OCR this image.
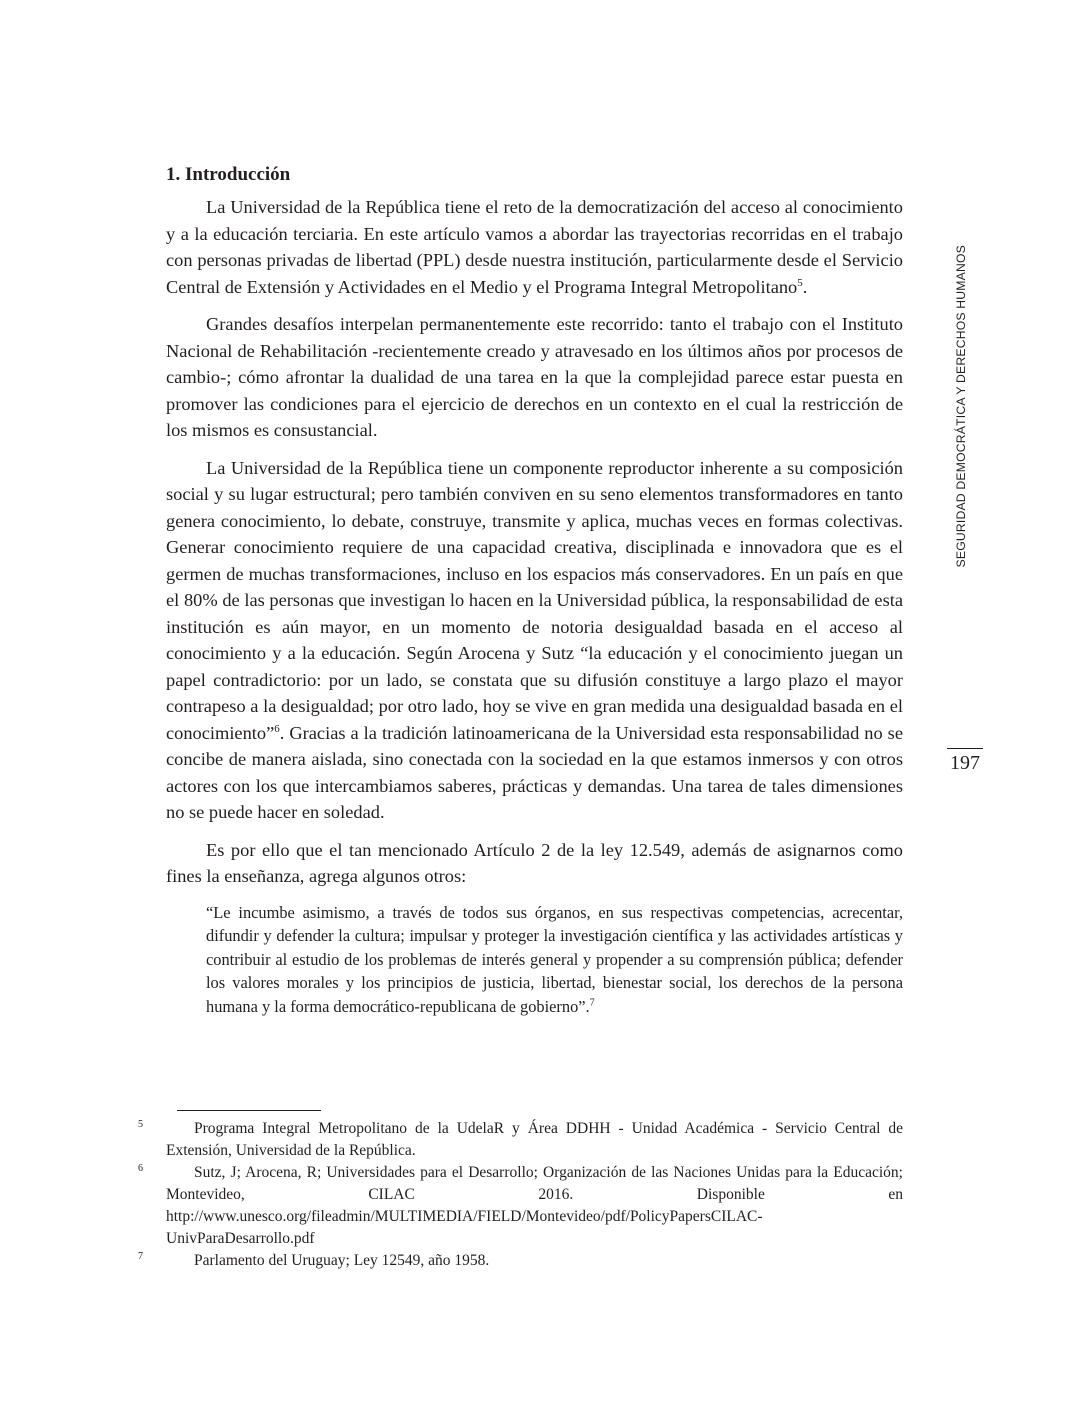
SEGURIDAD DEMOCRÁTICA Y DERECHOS HUMANOS
197
1. Introducción

La Universidad de la República tiene el reto de la democratización del acceso al conocimiento y a la educación terciaria. En este artículo vamos a abordar las trayectorias recorridas en el trabajo con personas privadas de libertad (PPL) desde nuestra institución, particularmente desde el Servicio Central de Extensión y Actividades en el Medio y el Programa Integral Metropolitano$^5$.

Grandes desafíos interpelan permanentemente este recorrido: tanto el trabajo con el Instituto Nacional de Rehabilitación -recientemente creado y atravesado en los últimos años por procesos de cambio-; cómo afrontar la dualidad de una tarea en la que la complejidad parece estar puesta en promover las condiciones para el ejercicio de derechos en un contexto en el cual la restricción de los mismos es consustancial.

La Universidad de la República tiene un componente reproductor inherente a su composición social y su lugar estructural; pero también conviven en su seno elementos transformadores en tanto genera conocimiento, lo debate, construye, transmite y aplica, muchas veces en formas colectivas. Generar conocimiento requiere de una capacidad creativa, disciplinada e innovadora que es el germen de muchas transformaciones, incluso en los espacios más conservadores. En un país en que el 80% de las personas que investigan lo hacen en la Universidad pública, la responsabilidad de esta institución es aún mayor, en un momento de notoria desigualdad basada en el acceso al conocimiento y a la educación. Según Arocena y Sutz “la educación y el conocimiento juegan un papel contradictorio: por un lado, se constata que su difusión constituye a largo plazo el mayor contrapeso a la desigualdad; por otro lado, hoy se vive en gran medida una desigualdad basada en el conocimiento”$^6$. Gracias a la tradición latinoamericana de la Universidad esta responsabilidad no se concibe de manera aislada, sino conectada con la sociedad en la que estamos inmersos y con otros actores con los que intercambiamos saberes, prácticas y demandas. Una tarea de tales dimensiones no se puede hacer en soledad.

Es por ello que el tan mencionado Artículo 2 de la ley 12.549, además de asignarnos como fines la enseñanza, agrega algunos otros:

“Le incumbe asimismo, a través de todos sus órganos, en sus respectivas competencias, acrecentar, difundir y defender la cultura; impulsar y proteger la investigación científica y las actividades artísticas y contribuir al estudio de los problemas de interés general y propender a su comprensión pública; defender los valores morales y los principios de justicia, libertad, bienestar social, los derechos de la persona humana y la forma democrático-republicana de gobierno”.$^7$

5	Programa Integral Metropolitano de la UdelaR y Área DDHH - Unidad Académica - Servicio Central de Extensión, Universidad de la República.

6	Sutz, J; Arocena, R; Universidades para el Desarrollo; Organización de las Naciones Unidas para la Educación; Montevideo, CILAC 2016. Disponible en http://www.unesco.org/fileadmin/MULTIMEDIA/FIELD/Montevideo/pdf/PolicyPapersCILAC-UnivParaDesarrollo.pdf

7	Parlamento del Uruguay; Ley 12549, año 1958.
